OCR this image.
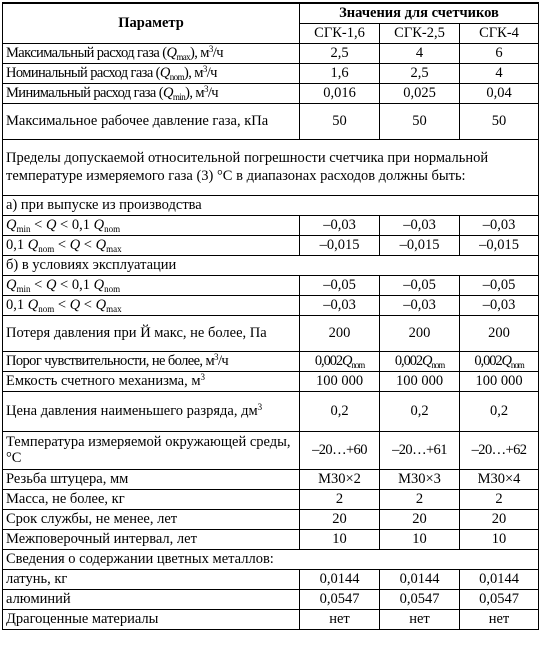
Параметр	Значения для счетчиков		
	СГК-1,6	СГК-2,5	СГК-4
Максимальный расход газа $(Q_{max})$, $м^3/ч$	2,5	4	6
Номинальный расход газа $(Q_{nom})$, $м^3/ч$	1,6	2,5	4
Минимальный расход газа $(Q_{min})$, $м^3/ч$	0,016	0,025	0,04
Максимальное рабочее давление газа, кПа	50	50	50
Пределы допускаемой относительной погрешности счетчика при нормальной температуре измеряемого газа (3) °С в диапазонах расходов должны быть:			
а) при выпуске из производства			
$Q_{min} < Q < 0,1$ $Q_{nom}$	–0,03	–0,03	–0,03
0,1 $Q_{nom} < Q < Q_{max}$	–0,015	–0,015	–0,015
б) в условиях эксплуатации			
$Q_{min} < Q < 0,1$ $Q_{nom}$	–0,05	–0,05	–0,05
0,1 $Q_{nom} < Q < Q_{max}$	–0,03	–0,03	–0,03
Потеря давления при Й макс, не более, Па	200	200	200
Порог чувствительности, не более, $м^3/ч$	$0,002Q_{nom}$	$0,002Q_{nom}$	$0,002Q_{nom}$
Емкость счетного механизма, $м^3$	100 000	100 000	100 000
Цена давления наименьшего разряда, $дм^3$	0,2	0,2	0,2
Температура измеряемой окружающей среды, °С	–20…+60	–20…+61	–20…+62
Резьба штуцера, мм	М30×2	М30×3	М30×4
Масса, не более, кг	2	2	2
Срок службы, не менее, лет	20	20	20
Межповерочный интервал, лет	10	10	10
Сведения о содержании цветных металлов:			
латунь, кг	0,0144	0,0144	0,0144
алюминий	0,0547	0,0547	0,0547
Драгоценные материалы	нет	нет	нет
